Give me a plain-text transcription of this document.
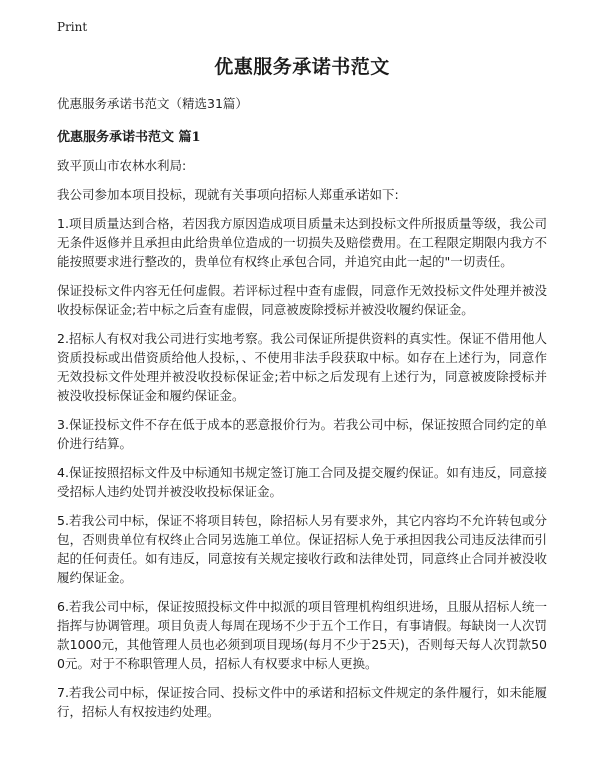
Print
优惠服务承诺书范文

优惠服务承诺书范文（精选31篇）

优惠服务承诺书范文 篇1

致平顶山市农林水利局:

我公司参加本项目投标，现就有关事项向招标人郑重承诺如下:

1.项目质量达到合格，若因我方原因造成项目质量未达到投标文件所报质量等级，我公司无条件返修并且承担由此给贵单位造成的一切损失及赔偿费用。在工程限定期限内我方不能按照要求进行整改的，贵单位有权终止承包合同，并追究由此一起的"一切责任。

保证投标文件内容无任何虚假。若评标过程中查有虚假，同意作无效投标文件处理并被没收投标保证金;若中标之后查有虚假，同意被废除授标并被没收履约保证金。

2.招标人有权对我公司进行实地考察。我公司保证所提供资料的真实性。保证不借用他人资质投标或出借资质给他人投标，、不使用非法手段获取中标。如存在上述行为，同意作无效投标文件处理并被没收投标保证金;若中标之后发现有上述行为，同意被废除授标并被没收投标保证金和履约保证金。

3.保证投标文件不存在低于成本的恶意报价行为。若我公司中标，保证按照合同约定的单价进行结算。

4.保证按照招标文件及中标通知书规定签订施工合同及提交履约保证。如有违反，同意接受招标人违约处罚并被没收投标保证金。

5.若我公司中标，保证不将项目转包，除招标人另有要求外，其它内容均不允许转包或分包，否则贵单位有权终止合同另选施工单位。保证招标人免于承担因我公司违反法律而引起的任何责任。如有违反，同意按有关规定接收行政和法律处罚，同意终止合同并被没收履约保证金。

6.若我公司中标，保证按照投标文件中拟派的项目管理机构组织进场，且服从招标人统一指挥与协调管理。项目负责人每周在现场不少于五个工作日，有事请假。每缺岗一人次罚款1000元，其他管理人员也必须到项目现场(每月不少于25天)，否则每天每人次罚款500元。对于不称职管理人员，招标人有权要求中标人更换。

7.若我公司中标，保证按合同、投标文件中的承诺和招标文件规定的条件履行，如未能履行，招标人有权按违约处理。
